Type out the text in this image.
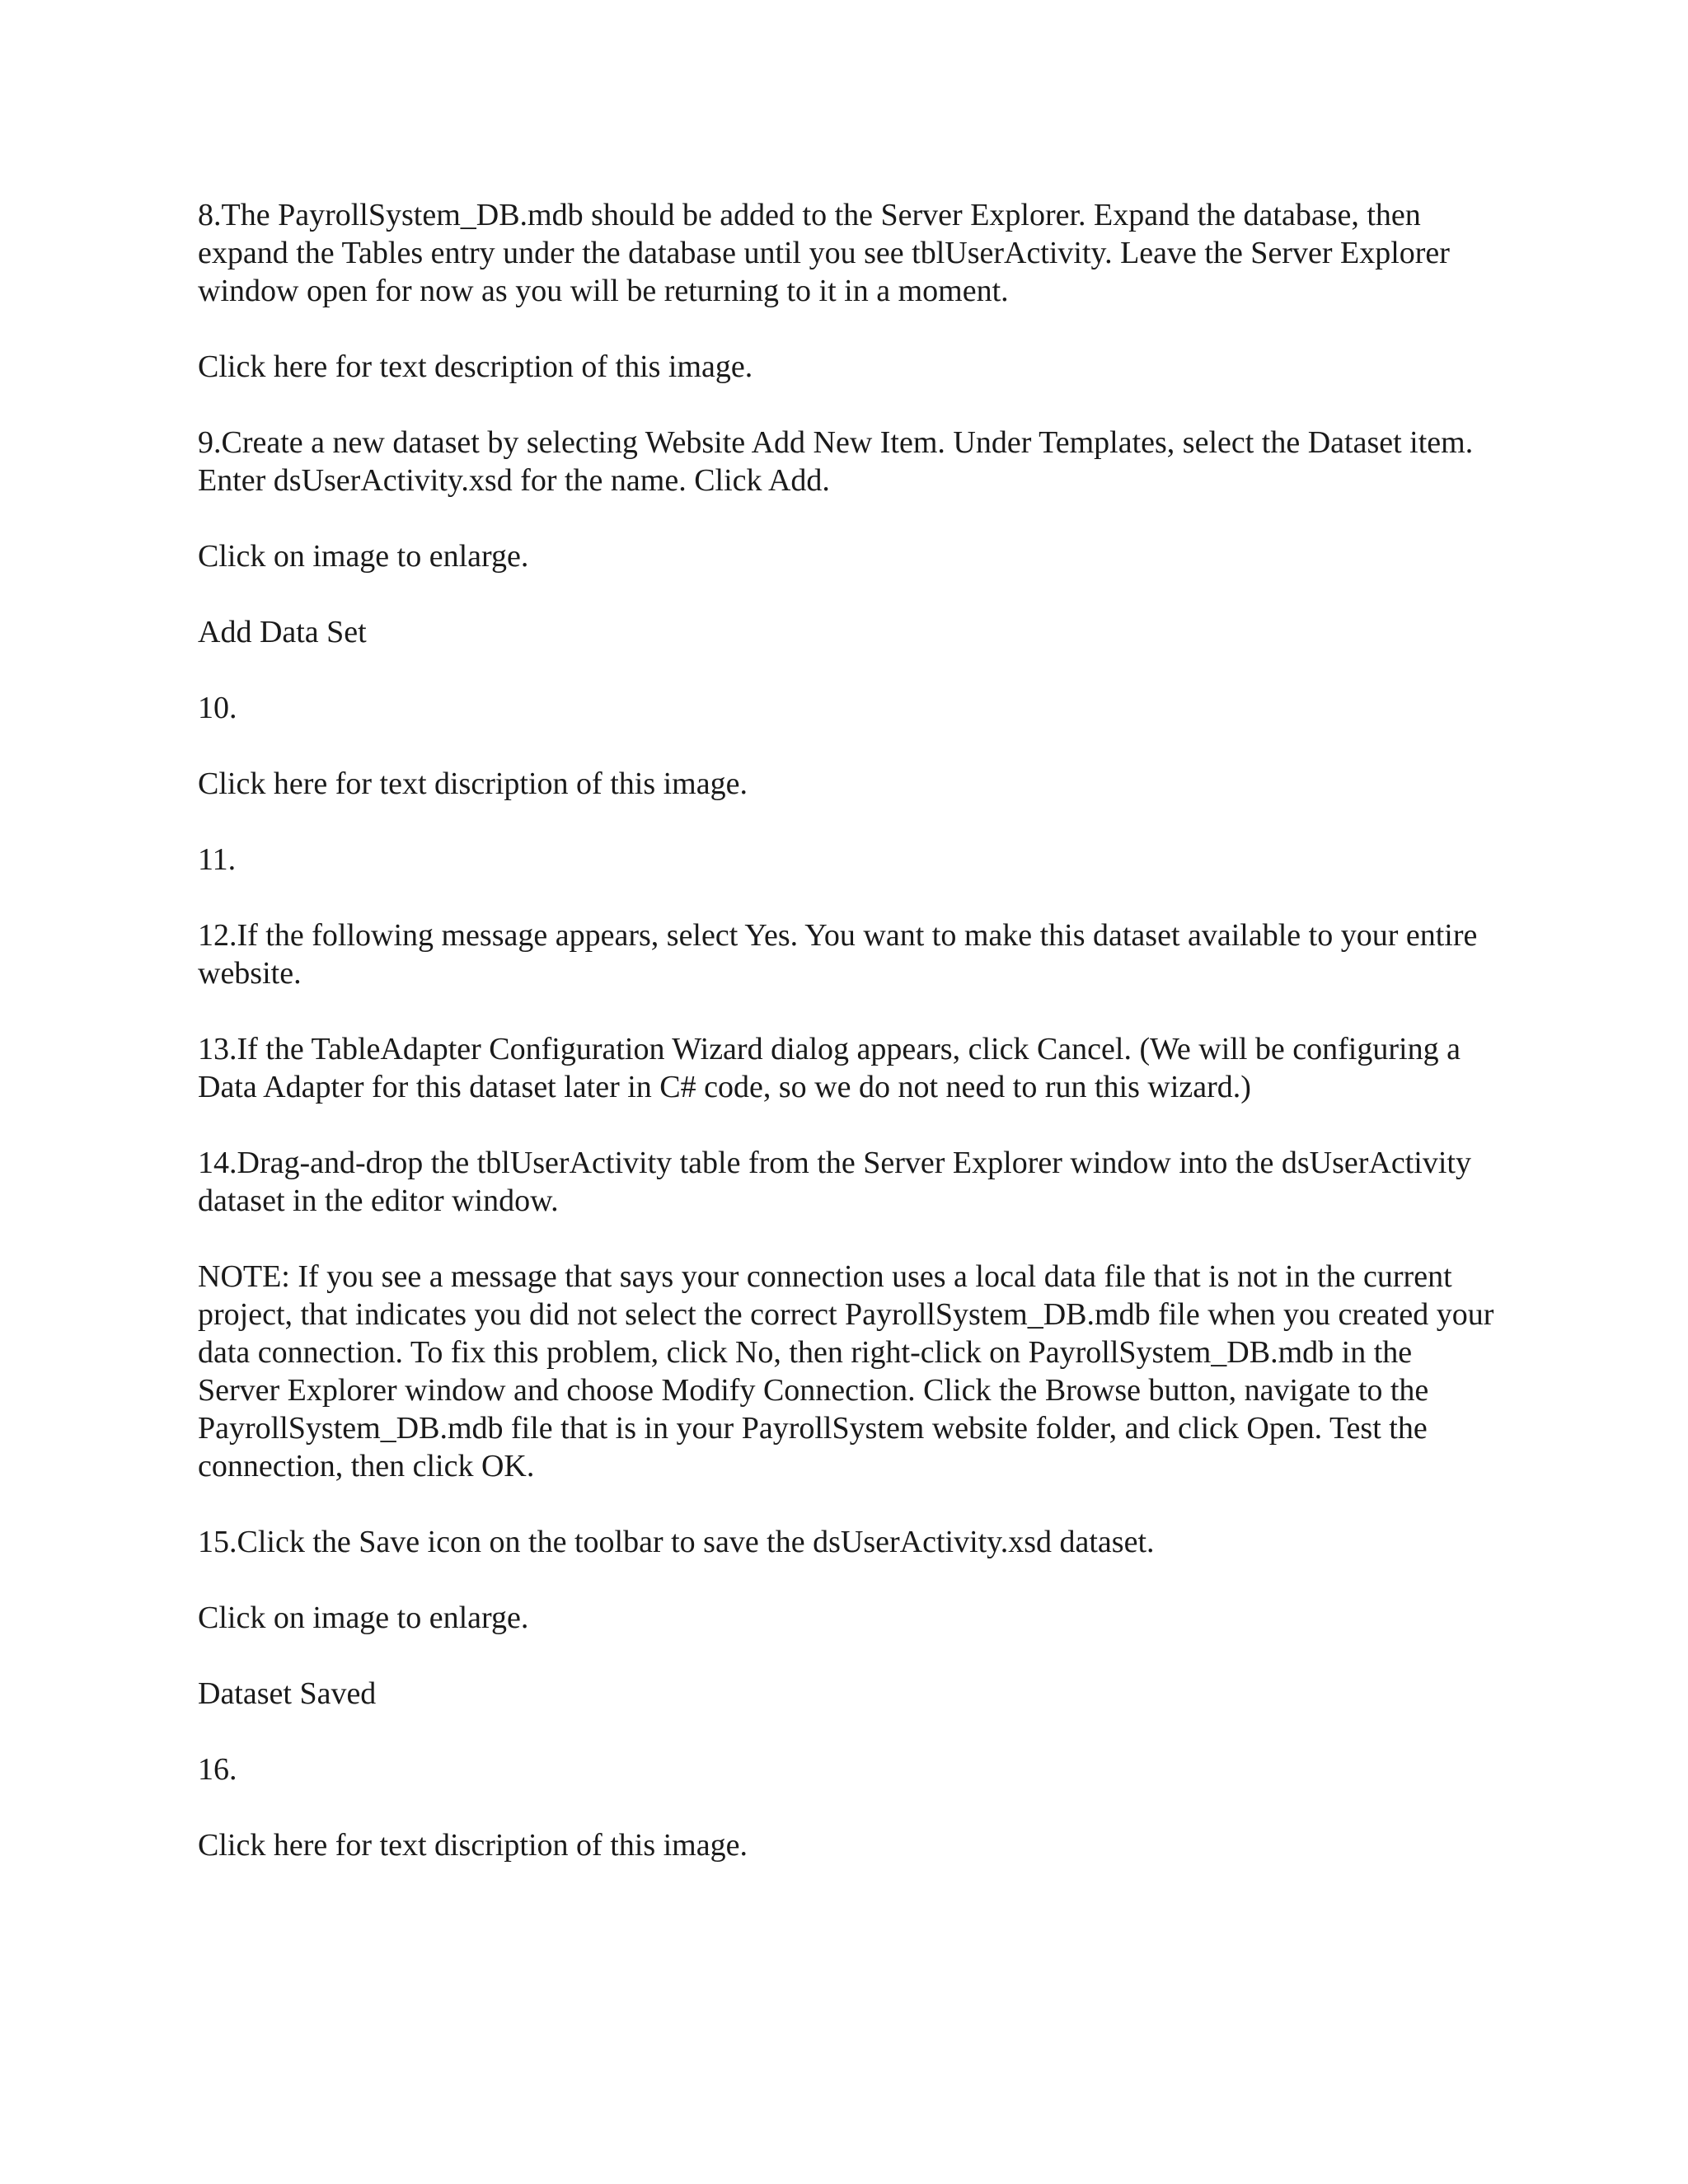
8.The PayrollSystem_DB.mdb should be added to the Server Explorer. Expand the database, then expand the Tables entry under the database until you see tblUserActivity. Leave the Server Explorer window open for now as you will be returning to it in a moment.

Click here for text description of this image.

9.Create a new dataset by selecting Website Add New Item. Under Templates, select the Dataset item. Enter dsUserActivity.xsd for the name. Click Add.

Click on image to enlarge.

Add Data Set

10.

Click here for text discription of this image.

11.

12.If the following message appears, select Yes. You want to make this dataset available to your entire website.

13.If the TableAdapter Configuration Wizard dialog appears, click Cancel. (We will be configuring a Data Adapter for this dataset later in C# code, so we do not need to run this wizard.)

14.Drag-and-drop the tblUserActivity table from the Server Explorer window into the dsUserActivity dataset in the editor window.

NOTE: If you see a message that says your connection uses a local data file that is not in the current project, that indicates you did not select the correct PayrollSystem_DB.mdb file when you created your data connection. To fix this problem, click No, then right-click on PayrollSystem_DB.mdb in the Server Explorer window and choose Modify Connection. Click the Browse button, navigate to the PayrollSystem_DB.mdb file that is in your PayrollSystem website folder, and click Open. Test the connection, then click OK.

15.Click the Save icon on the toolbar to save the dsUserActivity.xsd dataset.

Click on image to enlarge.

Dataset Saved

16.

Click here for text discription of this image.
